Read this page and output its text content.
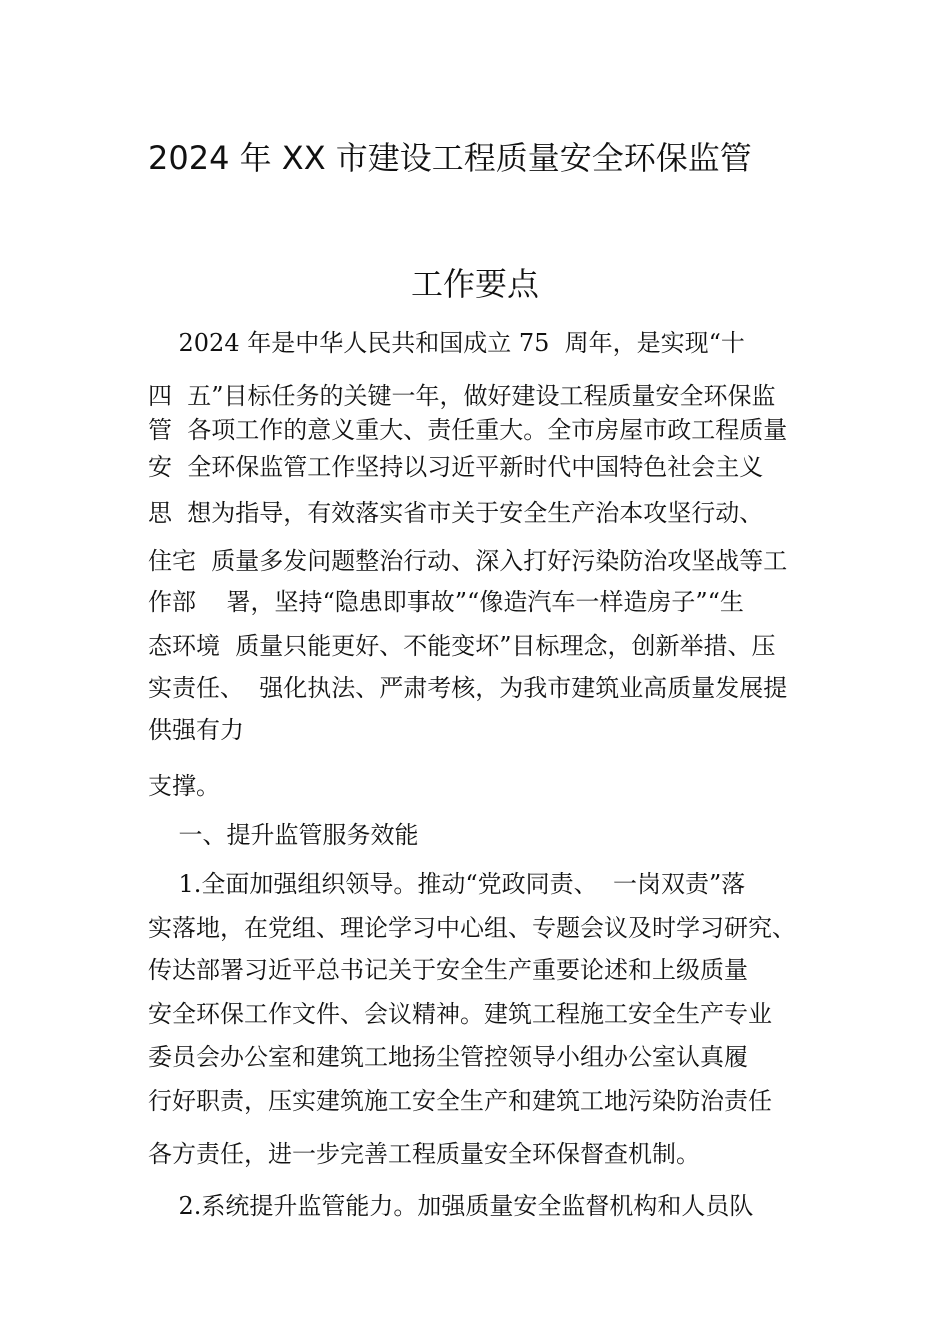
2024 年 XX 市建设工程质量安全环保监管
工作要点
2024 年是中华人民共和国成立 75  周年，是实现“十
四  五”目标任务的关键一年，做好建设工程质量安全环保监
管  各项工作的意义重大、责任重大。全市房屋市政工程质量
安  全环保监管工作坚持以习近平新时代中国特色社会主义
思  想为指导，有效落实省市关于安全生产治本攻坚行动、
住宅  质量多发问题整治行动、深入打好污染防治攻坚战等工
作部    署，坚持“隐患即事故”“像造汽车一样造房子”“生
态环境  质量只能更好、不能变坏”目标理念，创新举措、压
实责任、  强化执法、严肃考核，为我市建筑业高质量发展提
供强有力
支撑。
一、提升监管服务效能
1.全面加强组织领导。推动“党政同责、  一岗双责”落
实落地，在党组、理论学习中心组、专题会议及时学习研究、
传达部署习近平总书记关于安全生产重要论述和上级质量
安全环保工作文件、会议精神。建筑工程施工安全生产专业
委员会办公室和建筑工地扬尘管控领导小组办公室认真履
行好职责，压实建筑施工安全生产和建筑工地污染防治责任
各方责任，进一步完善工程质量安全环保督查机制。
2.系统提升监管能力。加强质量安全监督机构和人员队
